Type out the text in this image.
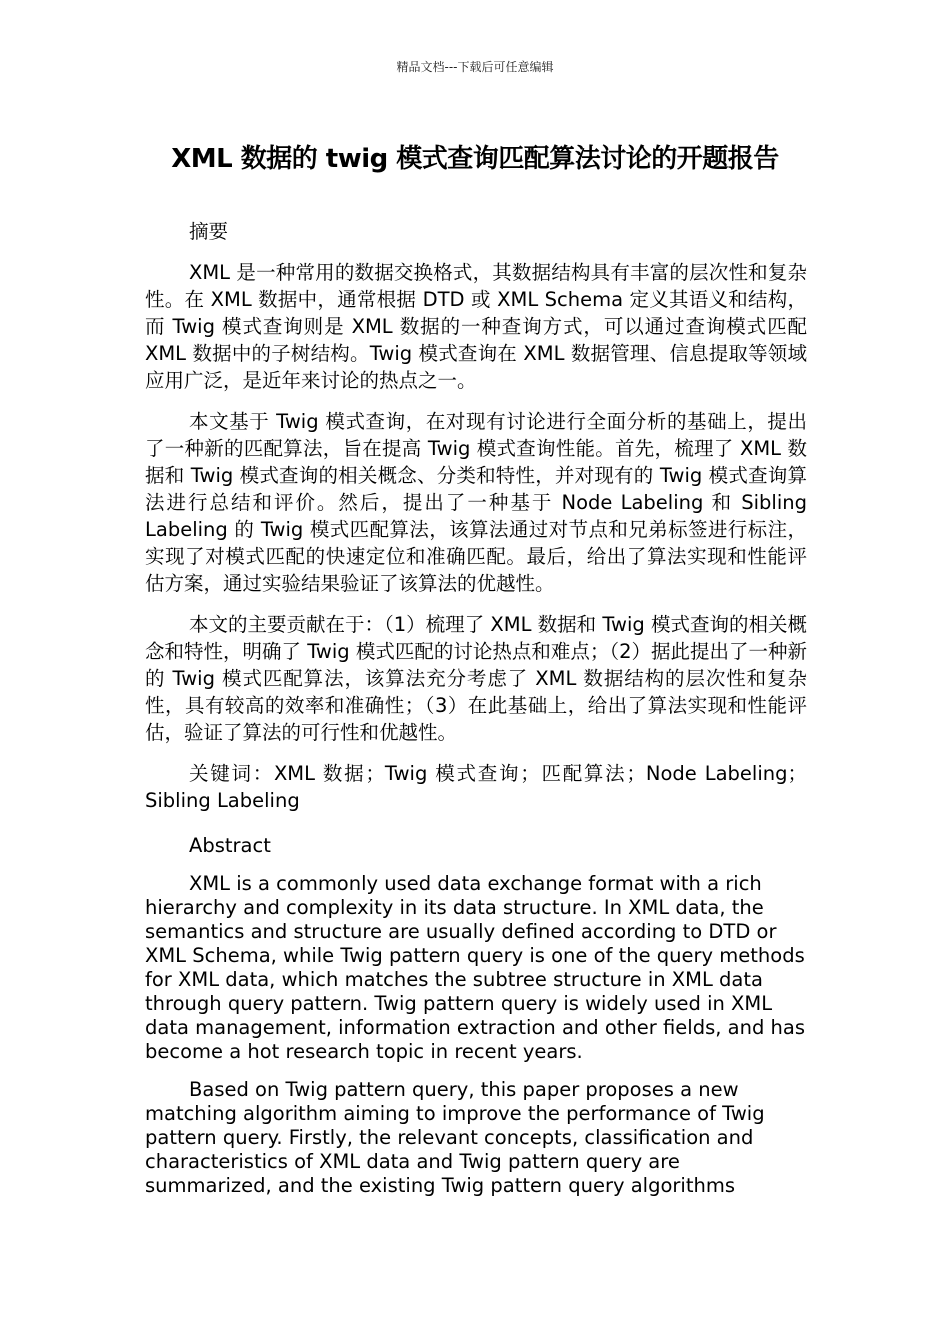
精品文档---下载后可任意编辑
XML 数据的 twig 模式查询匹配算法讨论的开题报告

摘要

XML 是一种常用的数据交换格式，其数据结构具有丰富的层次性和复杂性。在 XML 数据中，通常根据 DTD 或 XML Schema 定义其语义和结构，而 Twig 模式查询则是 XML 数据的一种查询方式，可以通过查询模式匹配 XML 数据中的子树结构。Twig 模式查询在 XML 数据管理、信息提取等领域应用广泛，是近年来讨论的热点之一。

本文基于 Twig 模式查询，在对现有讨论进行全面分析的基础上，提出了一种新的匹配算法，旨在提高 Twig 模式查询性能。首先，梳理了 XML 数据和 Twig 模式查询的相关概念、分类和特性，并对现有的 Twig 模式查询算法进行总结和评价。然后，提出了一种基于 Node Labeling 和 Sibling Labeling 的 Twig 模式匹配算法，该算法通过对节点和兄弟标签进行标注，实现了对模式匹配的快速定位和准确匹配。最后，给出了算法实现和性能评估方案，通过实验结果验证了该算法的优越性。

本文的主要贡献在于：（1）梳理了 XML 数据和 Twig 模式查询的相关概念和特性，明确了 Twig 模式匹配的讨论热点和难点；（2）据此提出了一种新的 Twig 模式匹配算法，该算法充分考虑了 XML 数据结构的层次性和复杂性，具有较高的效率和准确性；（3）在此基础上，给出了算法实现和性能评估，验证了算法的可行性和优越性。

关键词：XML 数据；Twig 模式查询；匹配算法；Node Labeling；Sibling Labeling

Abstract

XML is a commonly used data exchange format with a rich hierarchy and complexity in its data structure. In XML data, the semantics and structure are usually defined according to DTD or XML Schema, while Twig pattern query is one of the query methods for XML data, which matches the subtree structure in XML data through query pattern. Twig pattern query is widely used in XML data management, information extraction and other fields, and has become a hot research topic in recent years.

Based on Twig pattern query, this paper proposes a new matching algorithm aiming to improve the performance of Twig pattern query. Firstly, the relevant concepts, classification and characteristics of XML data and Twig pattern query are summarized, and the existing Twig pattern query algorithms
